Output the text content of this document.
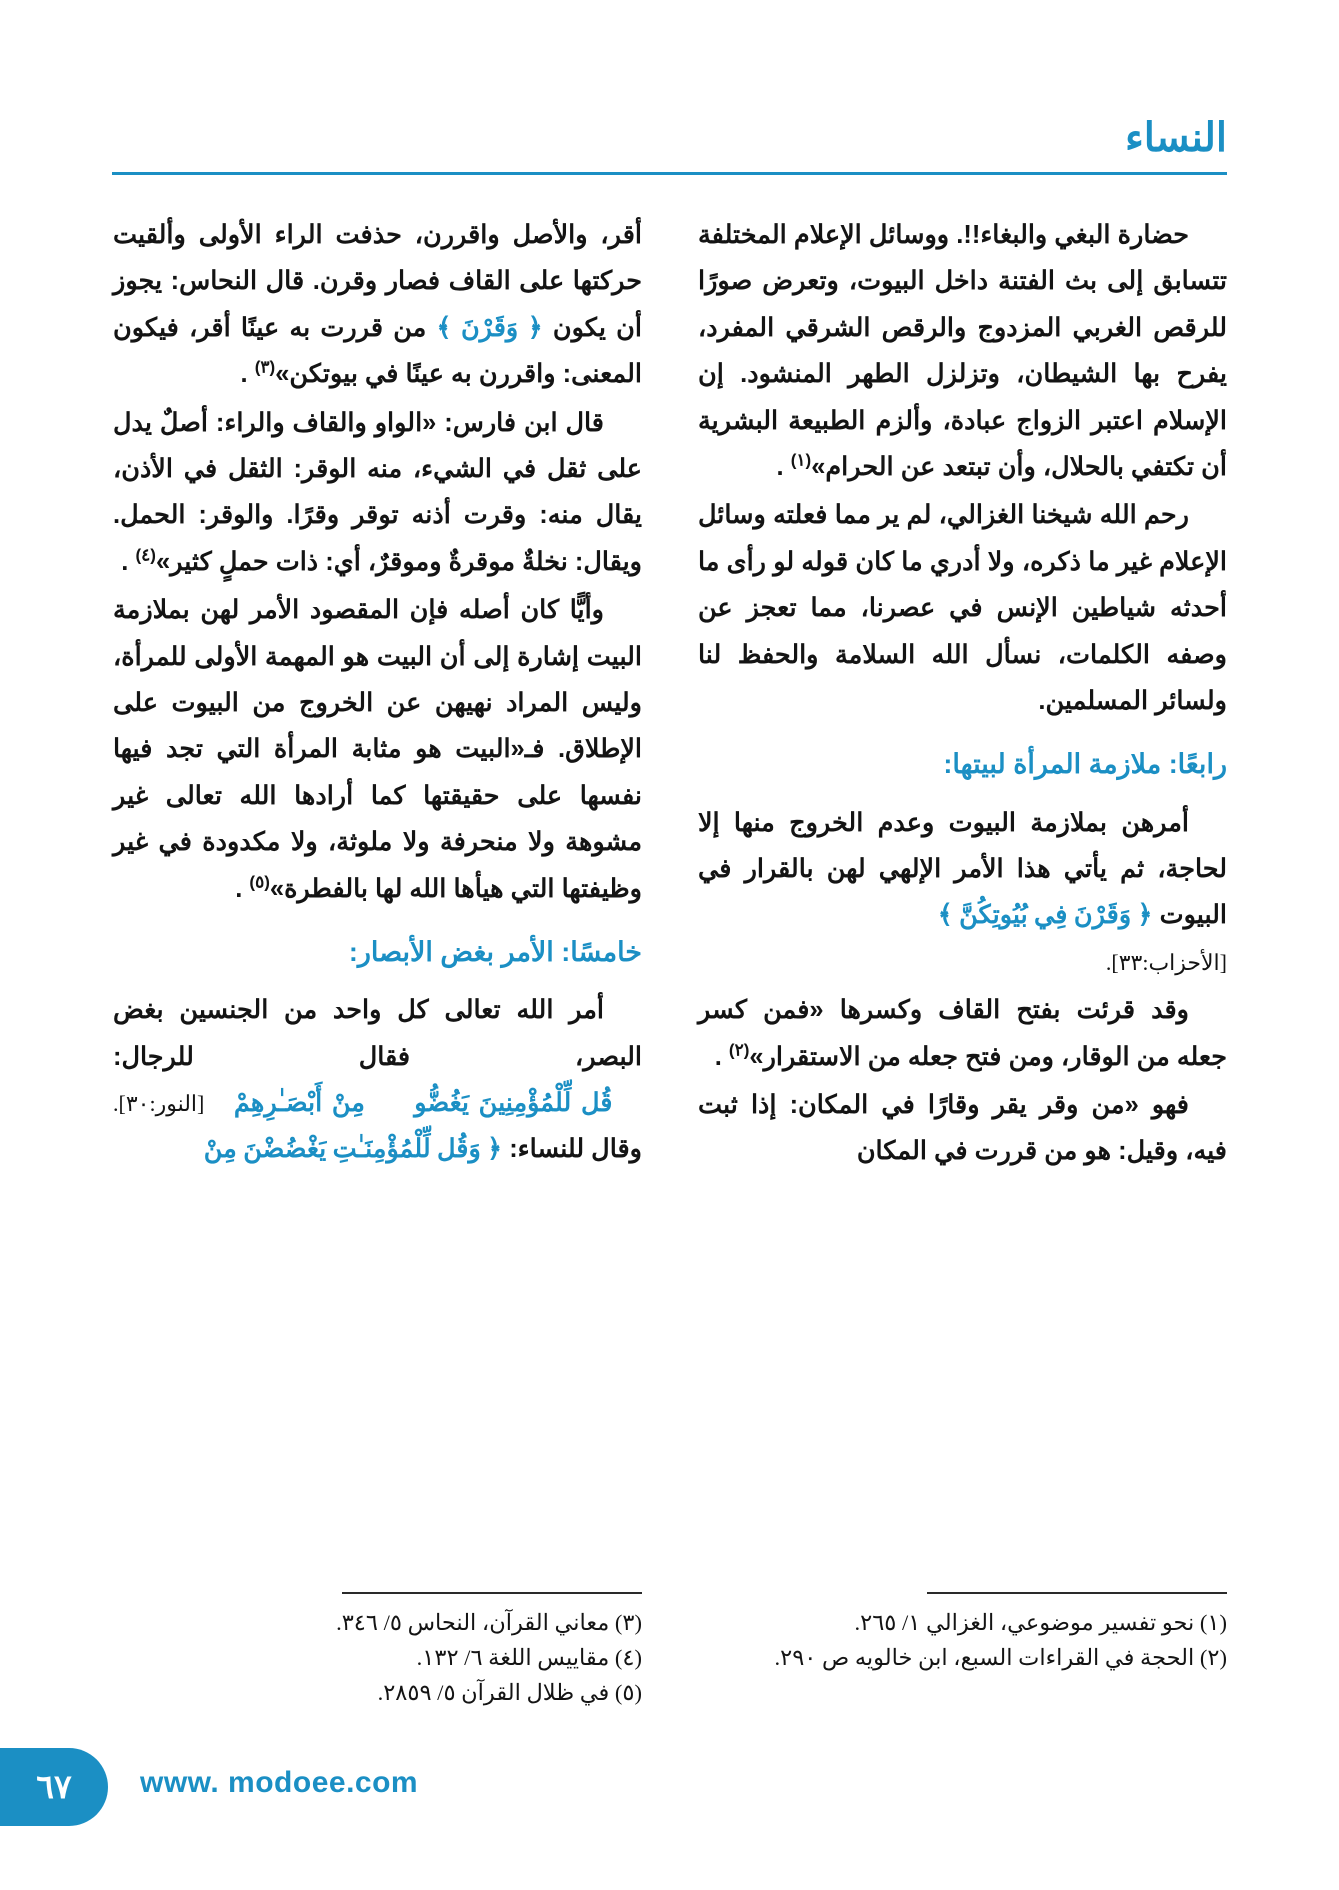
النساء

حضارة البغي والبغاء!!. ووسائل الإعلام المختلفة تتسابق إلى بث الفتنة داخل البيوت، وتعرض صورًا للرقص الغربي المزدوج والرقص الشرقي المفرد، يفرح بها الشيطان، وتزلزل الطهر المنشود. إن الإسلام اعتبر الزواج عبادة، وألزم الطبيعة البشرية أن تكتفي بالحلال، وأن تبتعد عن الحرام»$^{(١)}$ .

رحم الله شيخنا الغزالي، لم ير مما فعلته وسائل الإعلام غير ما ذكره، ولا أدري ما كان قوله لو رأى ما أحدثه شياطين الإنس في عصرنا، مما تعجز عن وصفه الكلمات، نسأل الله السلامة والحفظ لنا ولسائر المسلمين.

رابعًا: ملازمة المرأة لبيتها:

أمرهن بملازمة البيوت وعدم الخروج منها إلا لحاجة، ثم يأتي هذا الأمر الإلهي لهن بالقرار في البيوت ﴿ وَقَرْنَ فِي بُيُوتِكُنَّ ﴾
[الأحزاب:٣٣].

وقد قرئت بفتح القاف وكسرها «فمن كسر جعله من الوقار، ومن فتح جعله من الاستقرار»$^{(٢)}$ .

فهو «من وقر يقر وقارًا في المكان: إذا ثبت فيه، وقيل: هو من قررت في المكان

أقر، والأصل واقررن، حذفت الراء الأولى وألقيت حركتها على القاف فصار وقرن. قال النحاس: يجوز أن يكون ﴿ وَقَرْنَ ﴾ من قررت به عينًا أقر، فيكون المعنى: واقررن به عينًا في بيوتكن»$^{(٣)}$ .

قال ابن فارس: «الواو والقاف والراء: أصلٌ يدل على ثقل في الشيء، منه الوقر: الثقل في الأذن، يقال منه: وقرت أذنه توقر وقرًا. والوقر: الحمل. ويقال: نخلةٌ موقرةٌ وموقرٌ، أي: ذات حملٍ كثير»$^{(٤)}$ .

وأيًّا كان أصله فإن المقصود الأمر لهن بملازمة البيت إشارة إلى أن البيت هو المهمة الأولى للمرأة، وليس المراد نهيهن عن الخروج من البيوت على الإطلاق. فـ«البيت هو مثابة المرأة التي تجد فيها نفسها على حقيقتها كما أرادها الله تعالى غير مشوهة ولا منحرفة ولا ملوثة، ولا مكدودة في غير وظيفتها التي هيأها الله لها بالفطرة»$^{(٥)}$ .

خامسًا: الأمر بغض الأبصار:

أمر الله تعالى كل واحد من الجنسين بغض البصر، فقال للرجال: ﴿ قُل لِّلْمُؤْمِنِينَ يَغُضُّوا۟ مِنْ أَبْصَـٰرِهِمْ ﴾[النور:٣٠]. وقال للنساء: ﴿ وَقُل لِّلْمُؤْمِنَـٰتِ يَغْضُضْنَ مِنْ

(١) نحو تفسير موضوعي، الغزالي ١/ ٢٦٥.
(٢) الحجة في القراءات السبع، ابن خالويه ص ٢٩٠.
(٣) معاني القرآن، النحاس ٥/ ٣٤٦.
(٤) مقاييس اللغة ٦/ ١٣٢.
(٥) في ظلال القرآن ٥/ ٢٨٥٩.
٦٧ www. modoee.com
